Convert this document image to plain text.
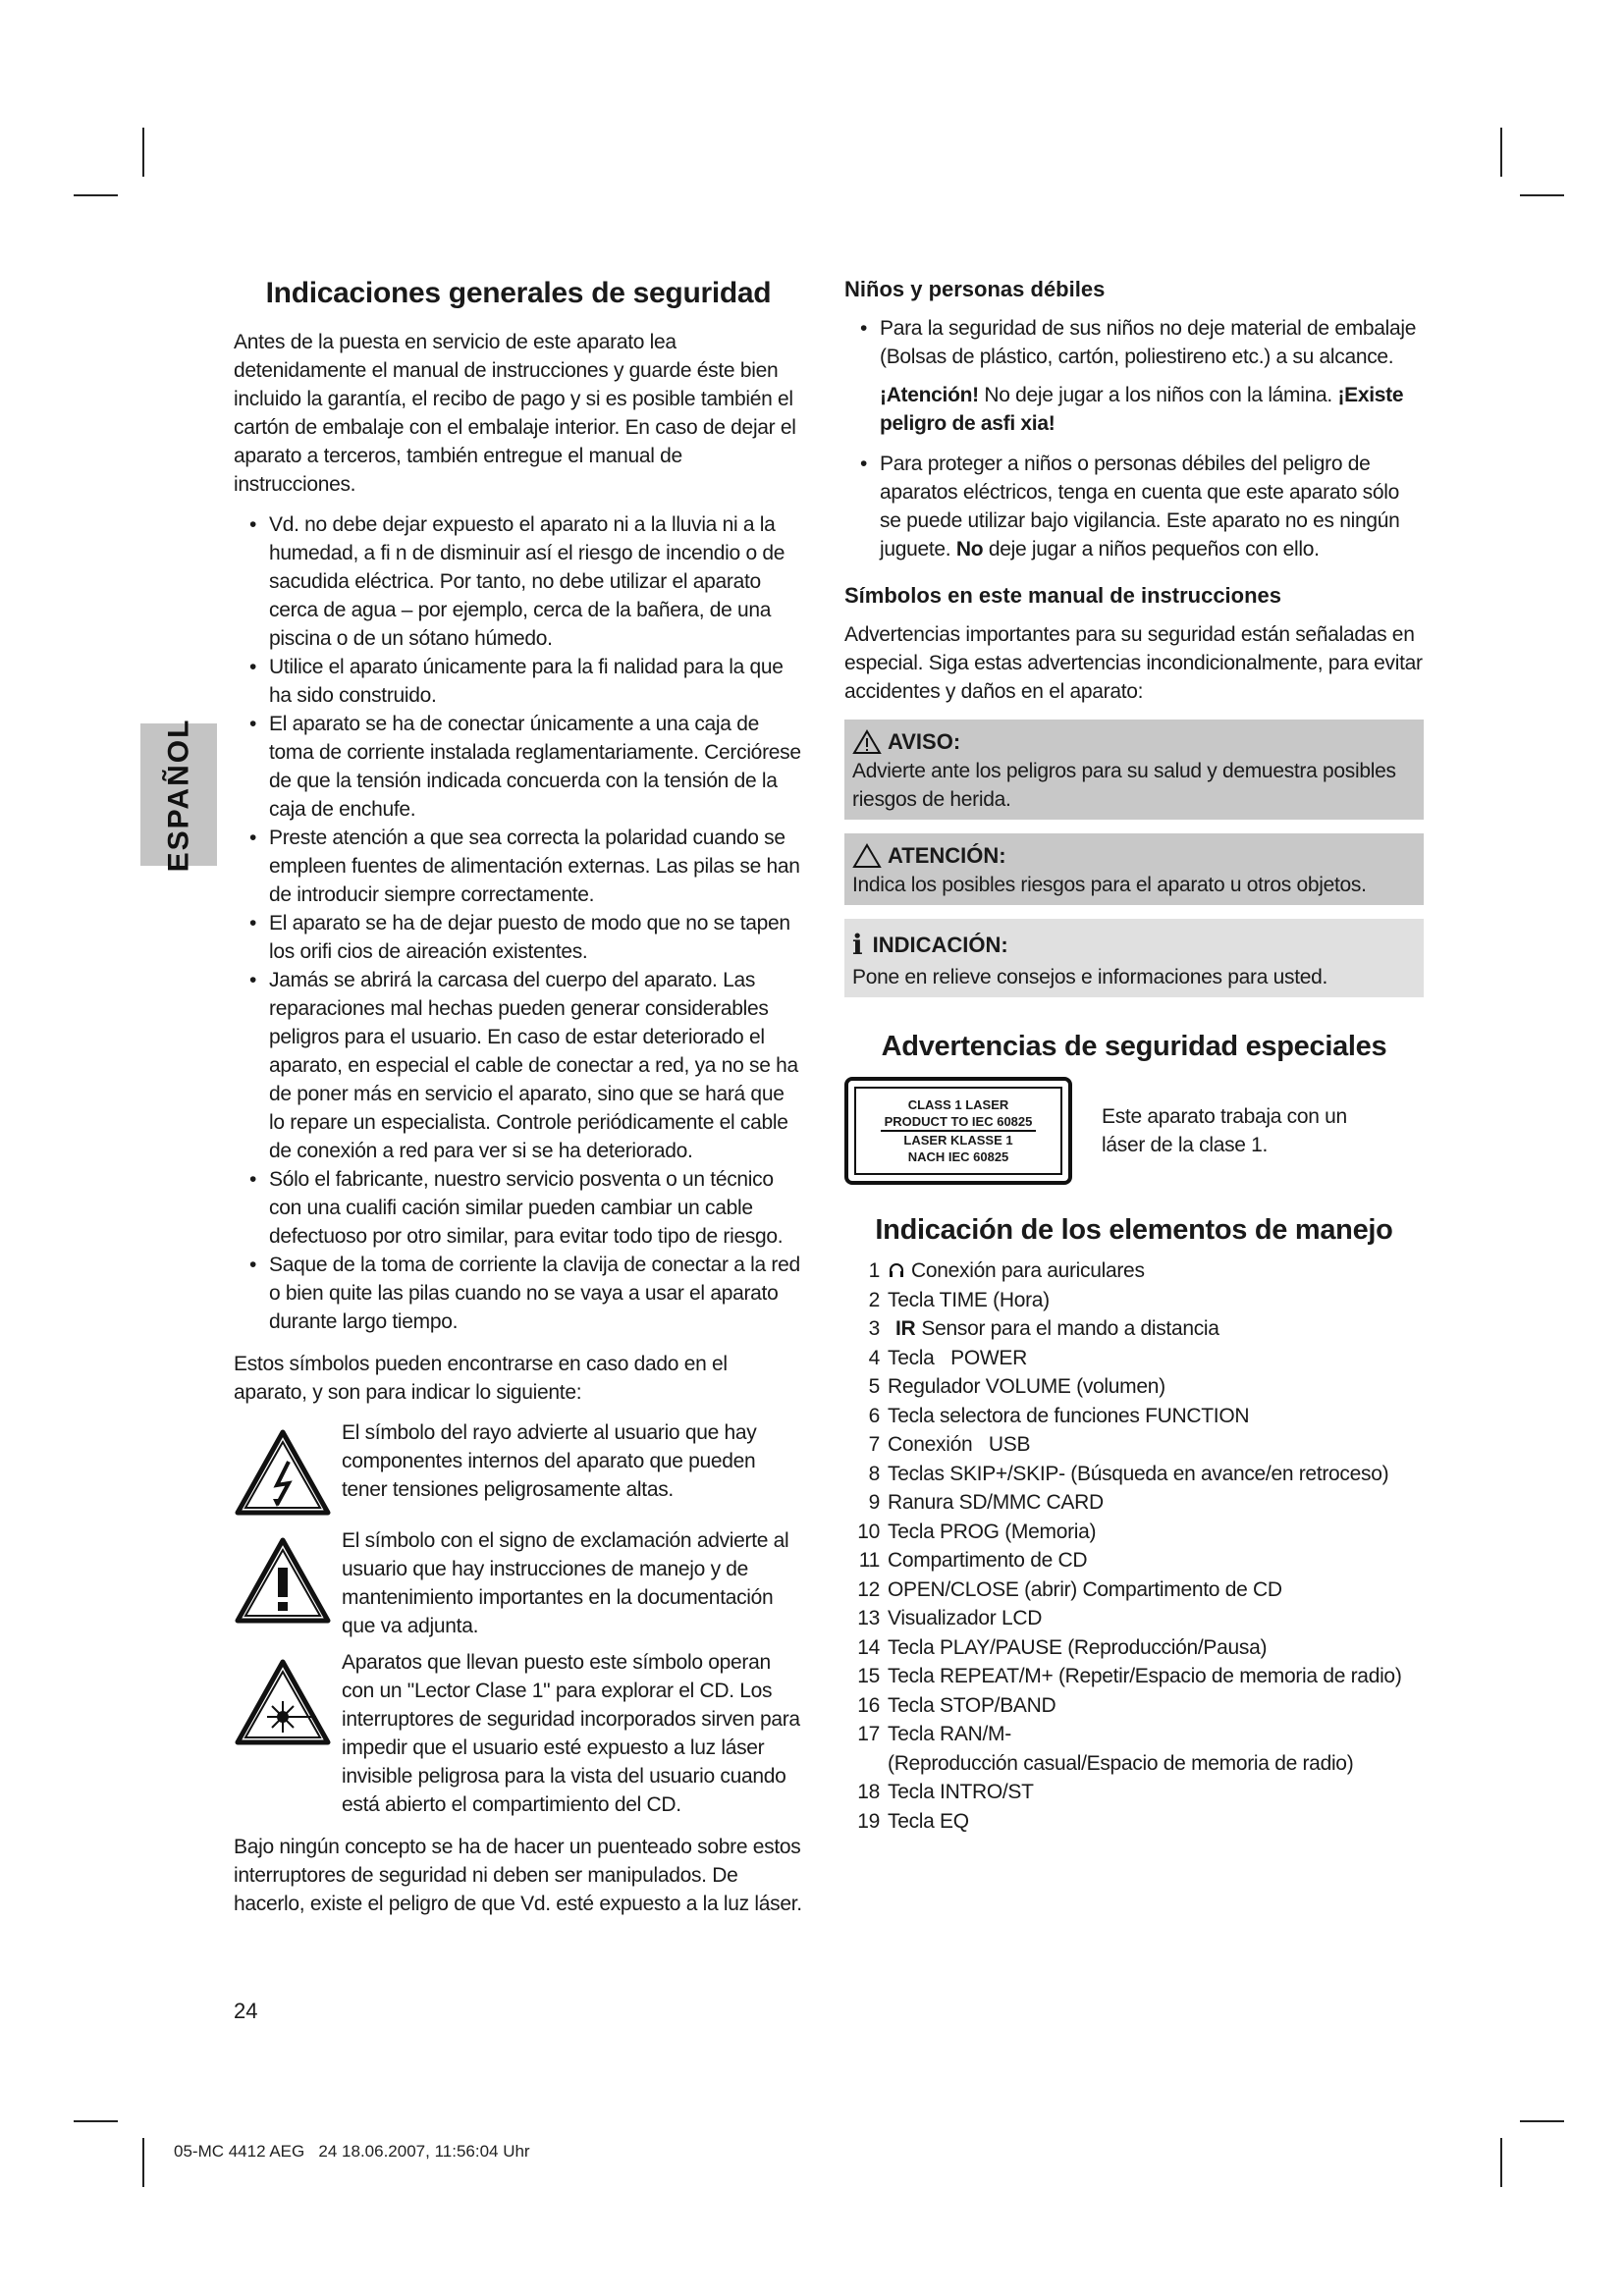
ESPAÑOL
Indicaciones generales de seguridad

Antes de la puesta en servicio de este aparato lea detenidamente el manual de instrucciones y guarde éste bien incluido la garantía, el recibo de pago y si es posible también el cartón de embalaje con el embalaje interior. En caso de dejar el aparato a terceros, también entregue el manual de instrucciones.

• Vd. no debe dejar expuesto el aparato ni a la lluvia ni a la humedad, a fi n de disminuir así el riesgo de incendio o de sacudida eléctrica. Por tanto, no debe utilizar el aparato cerca de agua – por ejemplo, cerca de la bañera, de una piscina o de un sótano húmedo.
• Utilice el aparato únicamente para la fi nalidad para la que ha sido construido.
• El aparato se ha de conectar únicamente a una caja de toma de corriente instalada reglamentariamente. Cerciórese de que la tensión indicada concuerda con la tensión de la caja de enchufe.
• Preste atención a que sea correcta la polaridad cuando se empleen fuentes de alimentación externas. Las pilas se han de introducir siempre correctamente.
• El aparato se ha de dejar puesto de modo que no se tapen los orifi cios de aireación existentes.
• Jamás se abrirá la carcasa del cuerpo del aparato. Las reparaciones mal hechas pueden generar considerables peligros para el usuario. En caso de estar deteriorado el aparato, en especial el cable de conectar a red, ya no se ha de poner más en servicio el aparato, sino que se hará que lo repare un especialista. Controle periódicamente el cable de conexión a red para ver si se ha deteriorado.
• Sólo el fabricante, nuestro servicio posventa o un técnico con una cualifi cación similar pueden cambiar un cable defectuoso por otro similar, para evitar todo tipo de riesgo.
• Saque de la toma de corriente la clavija de conectar a la red o bien quite las pilas cuando no se vaya a usar el aparato durante largo tiempo.

Estos símbolos pueden encontrarse en caso dado en el aparato, y son para indicar lo siguiente:

El símbolo del rayo advierte al usuario que hay componentes internos del aparato que pueden tener tensiones peligrosamente altas.

El símbolo con el signo de exclamación advierte al usuario que hay instrucciones de manejo y de mantenimiento importantes en la documentación que va adjunta.

Aparatos que llevan puesto este símbolo operan con un "Lector Clase 1" para explorar el CD. Los interruptores de seguridad incorporados sirven para impedir que el usuario esté expuesto a luz láser invisible peligrosa para la vista del usuario cuando está abierto el compartimiento del CD.

Bajo ningún concepto se ha de hacer un puenteado sobre estos interruptores de seguridad ni deben ser manipulados. De hacerlo, existe el peligro de que Vd. esté expuesto a la luz láser.

Niños y personas débiles
• Para la seguridad de sus niños no deje material de embalaje (Bolsas de plástico, cartón, poliestireno etc.) a su alcance.

¡Atención! No deje jugar a los niños con la lámina. ¡Existe peligro de asfi xia!

• Para proteger a niños o personas débiles del peligro de aparatos eléctricos, tenga en cuenta que este aparato sólo se puede utilizar bajo vigilancia. Este aparato no es ningún juguete. No deje jugar a niños pequeños con ello.
Símbolos en este manual de instrucciones

Advertencias importantes para su seguridad están señaladas en especial. Siga estas advertencias incondicionalmente, para evitar accidentes y daños en el aparato:

AVISO:

Advierte ante los peligros para su salud y demuestra posibles riesgos de herida.

ATENCIÓN:

Indica los posibles riesgos para el aparato u otros objetos.

i INDICACIÓN:

Pone en relieve consejos e informaciones para usted.

Advertencias de seguridad especiales
CLASS 1 LASER
PRODUCT TO IEC 60825
LASER KLASSE 1
NACH IEC 60825

Este aparato trabaja con un láser de la clase 1.

Indicación de los elementos de manejo
1	Conexión para auriculares
2 Tecla TIME (Hora)
3 IR Sensor para el mando a distancia
4 Tecla   POWER
5 Regulador VOLUME (volumen)
6 Tecla selectora de funciones FUNCTION
7 Conexión   USB
8 Teclas SKIP+/SKIP- (Búsqueda en avance/en retroceso)
9 Ranura SD/MMC CARD
10 Tecla PROG (Memoria)
11 Compartimento de CD
12 OPEN/CLOSE (abrir) Compartimento de CD
13 Visualizador LCD
14 Tecla PLAY/PAUSE (Reproducción/Pausa)
15 Tecla REPEAT/M+ (Repetir/Espacio de memoria de radio)
16 Tecla STOP/BAND
17 Tecla RAN/M-
(Reproducción casual/Espacio de memoria de radio)
18 Tecla INTRO/ST
19 Tecla EQ
24
05-MC 4412 AEG   24 18.06.2007, 11:56:04 Uhr
